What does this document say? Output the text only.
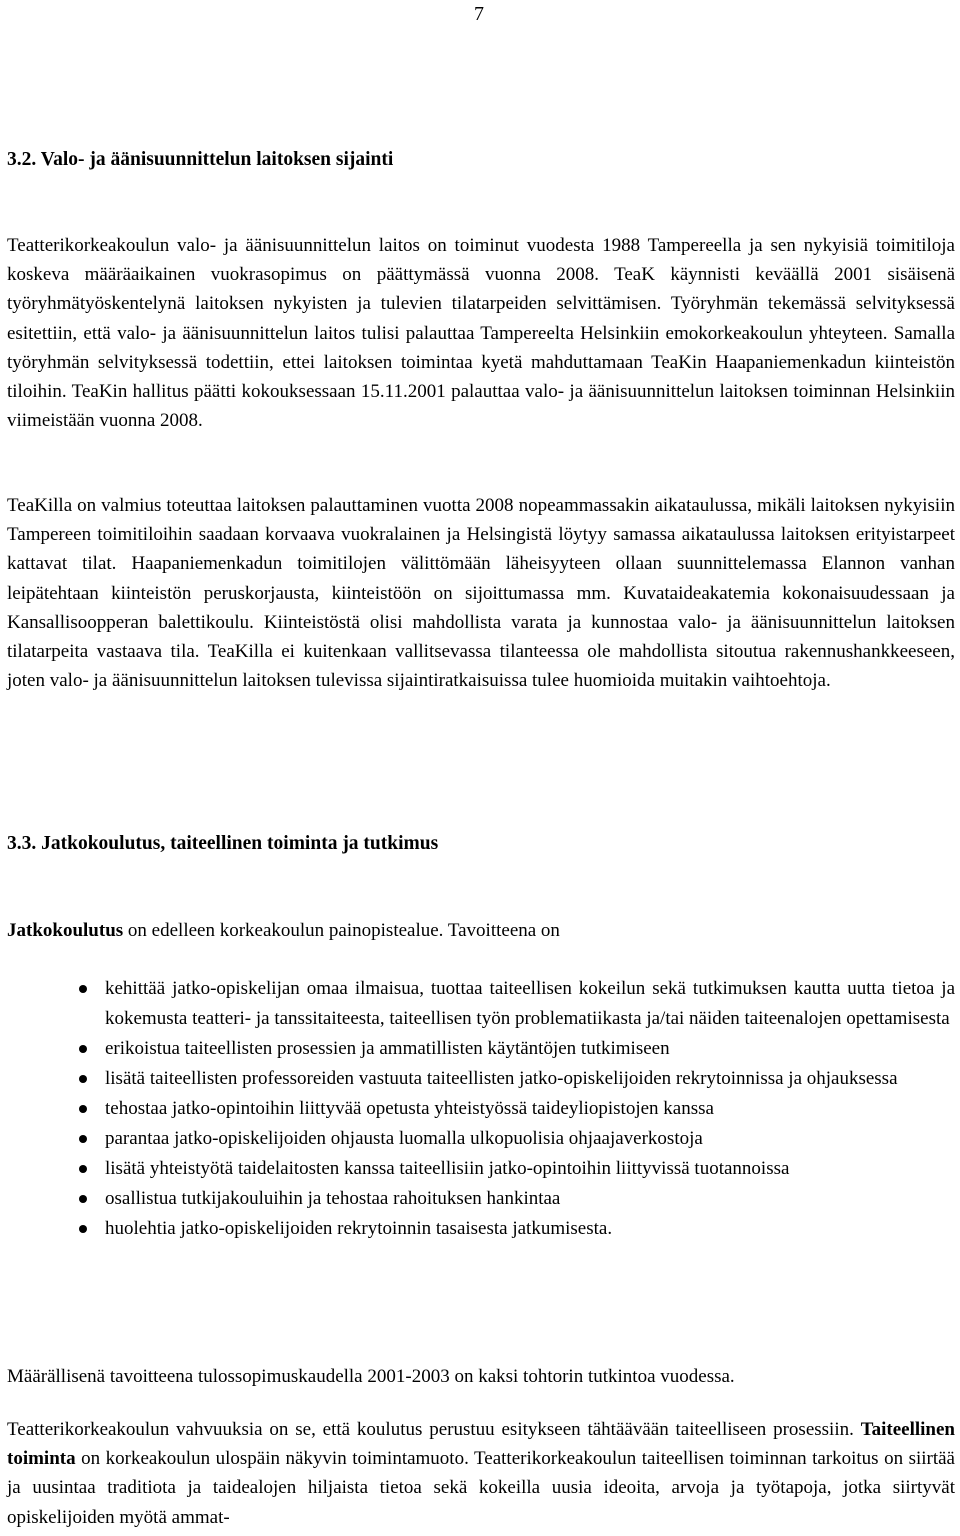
7
3.2. Valo- ja äänisuunnittelun laitoksen sijainti

Teatterikorkeakoulun valo- ja äänisuunnittelun laitos on toiminut vuodesta 1988 Tampereella ja sen nykyisiä toimitiloja koskeva määräaikainen vuokrasopimus on päättymässä vuonna 2008. TeaK käynnisti keväällä 2001 sisäisenä työryhmätyöskentelynä laitoksen nykyisten ja tulevien tilatarpeiden selvittämisen. Työryhmän tekemässä selvityksessä esitettiin, että valo- ja äänisuunnittelun laitos tulisi palauttaa Tampereelta Helsinkiin emokorkeakoulun yhteyteen. Samalla työryhmän selvityksessä todettiin, ettei laitoksen toimintaa kyetä mahduttamaan TeaKin Haapaniemenkadun kiinteistön tiloihin. TeaKin hallitus päätti kokouksessaan 15.11.2001 palauttaa valo- ja äänisuunnittelun laitoksen toiminnan Helsinkiin viimeistään vuonna 2008.

TeaKilla on valmius toteuttaa laitoksen palauttaminen vuotta 2008 nopeammassakin aikataulussa, mikäli laitoksen nykyisiin Tampereen toimitiloihin saadaan korvaava vuokralainen ja Helsingistä löytyy samassa aikataulussa laitoksen erityistarpeet kattavat tilat. Haapaniemenkadun toimitilojen välittömään läheisyyteen ollaan suunnittelemassa Elannon vanhan leipätehtaan kiinteistön peruskorjausta, kiinteistöön on sijoittumassa mm. Kuvataideakatemia kokonaisuudessaan ja Kansallisoopperan balettikoulu. Kiinteistöstä olisi mahdollista varata ja kunnostaa valo- ja äänisuunnittelun laitoksen tilatarpeita vastaava tila. TeaKilla ei kuitenkaan vallitsevassa tilanteessa ole mahdollista sitoutua rakennushankkeeseen, joten valo- ja äänisuunnittelun laitoksen tulevissa sijaintiratkaisuissa tulee huomioida muitakin vaihtoehtoja.

3.3. Jatkokoulutus, taiteellinen toiminta ja tutkimus

Jatkokoulutus on edelleen korkeakoulun painopistealue. Tavoitteena on

kehittää jatko-opiskelijan omaa ilmaisua, tuottaa taiteellisen kokeilun sekä tutkimuksen kautta uutta tietoa ja kokemusta teatteri- ja tanssitaiteesta, taiteellisen työn problematiikasta ja/tai näiden taiteenalojen opettamisesta
erikoistua taiteellisten prosessien ja ammatillisten käytäntöjen tutkimiseen
lisätä taiteellisten professoreiden vastuuta taiteellisten jatko-opiskelijoiden rekrytoinnissa ja ohjauksessa
tehostaa jatko-opintoihin liittyvää opetusta yhteistyössä taideyliopistojen kanssa
parantaa jatko-opiskelijoiden ohjausta luomalla ulkopuolisia ohjaajaverkostoja
lisätä yhteistyötä taidelaitosten kanssa taiteellisiin jatko-opintoihin liittyvissä tuotannoissa
osallistua tutkijakouluihin ja tehostaa rahoituksen hankintaa
huolehtia jatko-opiskelijoiden rekrytoinnin tasaisesta jatkumisesta.

Määrällisenä tavoitteena tulossopimuskaudella 2001-2003 on kaksi tohtorin tutkintoa vuodessa.

Teatterikorkeakoulun vahvuuksia on se, että koulutus perustuu esitykseen tähtäävään taiteelliseen prosessiin. Taiteellinen toiminta on korkeakoulun ulospäin näkyvin toimintamuoto. Teatterikorkeakoulun taiteellisen toiminnan tarkoitus on siirtää ja uusintaa traditiota ja taidealojen hiljaista tietoa sekä kokeilla uusia ideoita, arvoja ja työtapoja, jotka siirtyvät opiskelijoiden myötä ammat-
